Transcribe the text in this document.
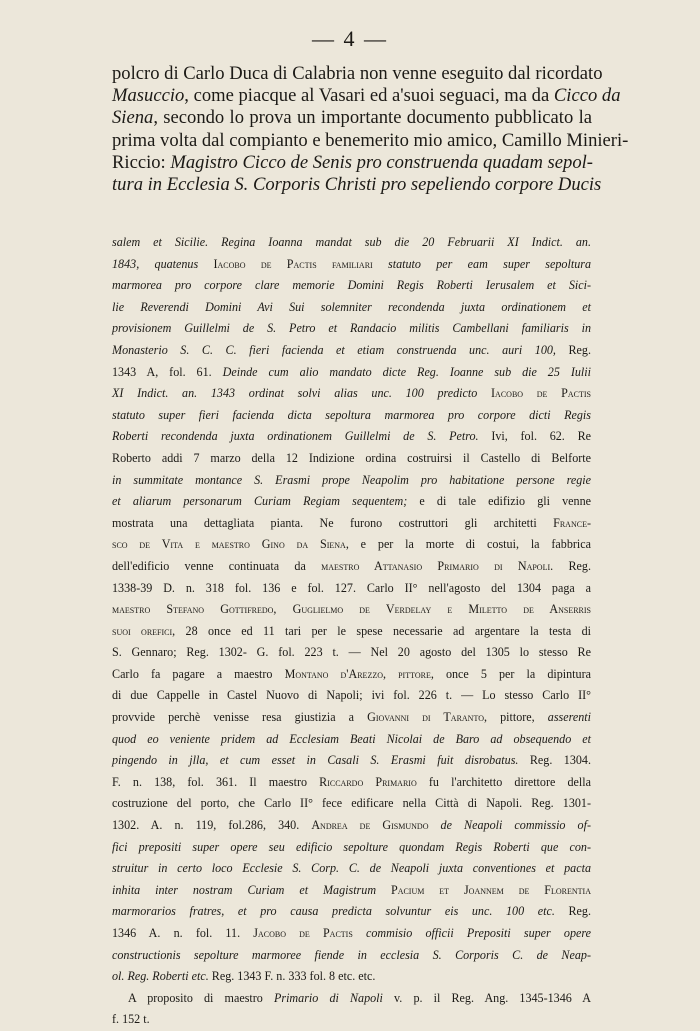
— 4 —
polcro di Carlo Duca di Calabria non venne eseguito dal ricordato
Masuccio, come piacque al Vasari ed a'suoi seguaci, ma da Cicco da
Siena, secondo lo prova un importante documento pubblicato la
prima volta dal compianto e benemerito mio amico, Camillo Minieri-
Riccio: Magistro Cicco de Senis pro construenda quadam sepol-
tura in Ecclesia S. Corporis Christi pro sepeliendo corpore Ducis
salem et Sicilie. Regina Ioanna mandat sub die 20 Februarii XI Indict. an.
1843, quatenus Iacobo de Pactis familiari statuto per eam super sepoltura
marmorea pro corpore clare memorie Domini Regis Roberti Ierusalem et Sici-
lie Reverendi Domini Avi Sui solemniter recondenda juxta ordinationem et
provisionem Guillelmi de S. Petro et Randacio militis Cambellani familiaris in
Monasterio S. C. C. fieri facienda et etiam construenda unc. auri 100, Reg.
1343 A, fol. 61. Deinde cum alio mandato dicte Reg. Ioanne sub die 25 Iulii
XI Indict. an. 1343 ordinat solvi alias unc. 100 predicto Iacobo de Pactis
statuto super fieri facienda dicta sepoltura marmorea pro corpore dicti Regis
Roberti recondenda juxta ordinationem Guillelmi de S. Petro. Ivi, fol. 62. Re
Roberto addi 7 marzo della 12 Indizione ordina costruirsi il Castello di Belforte
in summitate montance S. Erasmi prope Neapolim pro habitatione persone regie
et aliarum personarum Curiam Regiam sequentem; e di tale edifizio gli venne
mostrata una dettagliata pianta. Ne furono costruttori gli architetti France-
sco de Vita e maestro Gino da Siena, e per la morte di costui, la fabbrica
dell'edificio venne continuata da maestro Attanasio Primario di Napoli. Reg.
1338-39 D. n. 318 fol. 136 e fol. 127. Carlo II° nell'agosto del 1304 paga a
maestro Stefano Gottifredo, Guglielmo de Verdelay e Miletto de Anserris
suoi orefici, 28 once ed 11 tari per le spese necessarie ad argentare la testa di
S. Gennaro; Reg. 1302- G. fol. 223 t. — Nel 20 agosto del 1305 lo stesso Re
Carlo fa pagare a maestro Montano d'Arezzo, pittore, once 5 per la dipintura
di due Cappelle in Castel Nuovo di Napoli; ivi fol. 226 t. — Lo stesso Carlo II°
provvide perchè venisse resa giustizia a Giovanni di Taranto, pittore, asserenti
quod eo veniente pridem ad Ecclesiam Beati Nicolai de Baro ad obsequendo et
pingendo in jlla, et cum esset in Casali S. Erasmi fuit disrobatus. Reg. 1304.
F. n. 138, fol. 361. Il maestro Riccardo Primario fu l'architetto direttore della
costruzione del porto, che Carlo II° fece edificare nella Città di Napoli. Reg. 1301-
1302. A. n. 119, fol.286, 340. Andrea de Gismundo de Neapoli commissio of-
fici prepositi super opere seu edificio sepolture quondam Regis Roberti que con-
struitur in certo loco Ecclesie S. Corp. C. de Neapoli juxta conventiones et pacta
inhita inter nostram Curiam et Magistrum Pacium et Joannem de Florentia
marmorarios fratres, et pro causa predicta solvuntur eis unc. 100 etc. Reg.
1346 A. n. fol. 11. Jacobo de Pactis commisio officii Prepositi super opere
constructionis sepolture marmoree fiende in ecclesia S. Corporis C. de Neap-
ol. Reg. Roberti etc. Reg. 1343 F. n. 333 fol. 8 etc. etc.
A proposito di maestro Primario di Napoli v. p. il Reg. Ang. 1345-1346 A
f. 152 t.
